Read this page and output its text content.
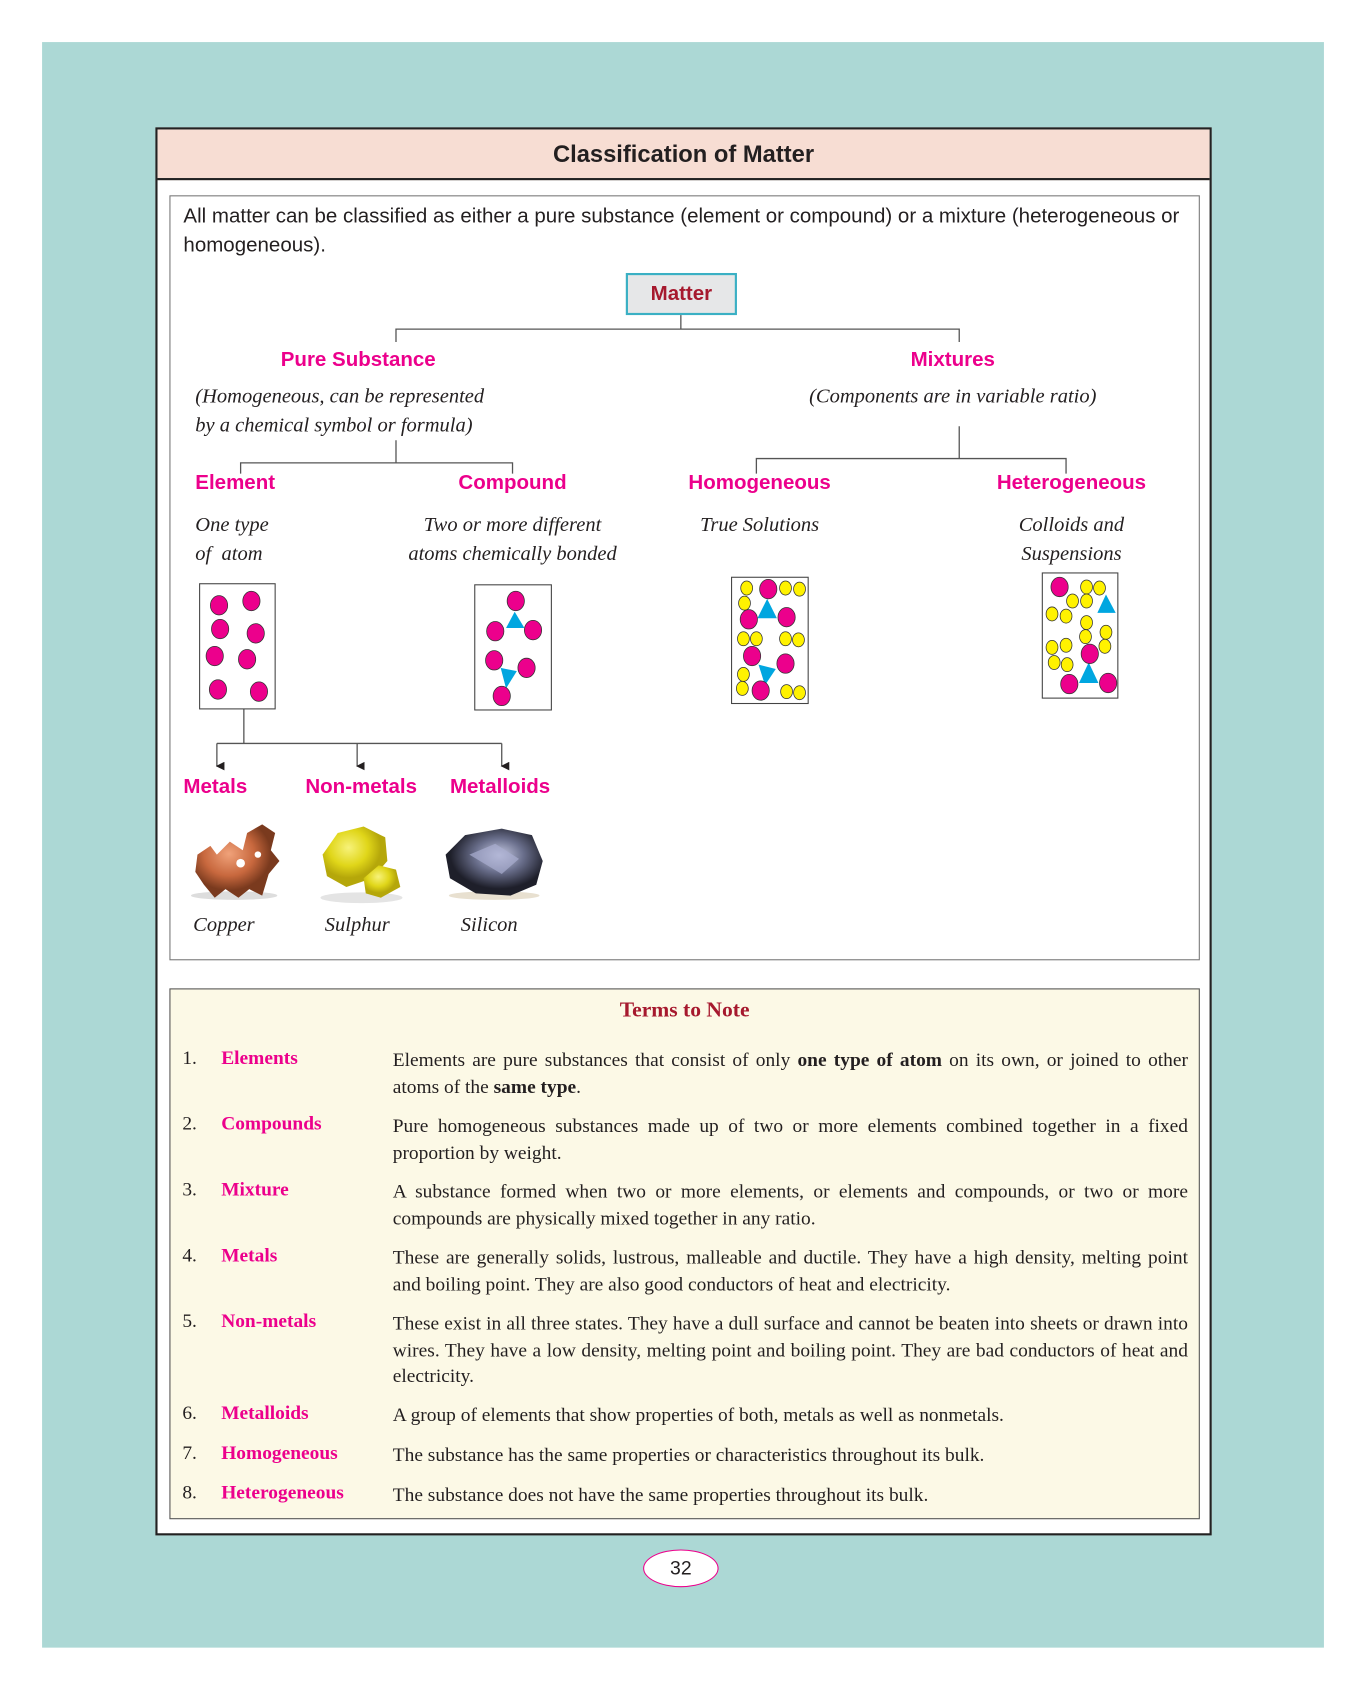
Classification of Matter
All matter can be classified as either a pure substance (element or compound) or a mixture (heterogeneous or homogeneous).
Matter
Pure Substance
(Homogeneous, can be represented
by a chemical symbol or formula)
Mixtures
(Components are in variable ratio)
Element
One type
of  atom
Compound
Two or more different
atoms chemically bonded
Homogeneous
True Solutions
Heterogeneous
Colloids and
Suspensions
Metals	Non-metals Metalloids
Copper	Sulphur	Silicon
Terms to Note
1. Elements	Elements are pure substances that consist of only one type of atom on its own, or joined to other atoms of the same type.
2. Compounds	Pure homogeneous substances made up of two or more elements combined together in a fixed proportion by weight.
3. Mixture	A substance formed when two or more elements, or elements and compounds, or two or more compounds are physically mixed together in any ratio.
4. Metals	These are generally solids, lustrous, malleable and ductile. They have a high density, melting point and boiling point. They are also good conductors of heat and electricity.
5. Non-metals	These exist in all three states. They have a dull surface and cannot be beaten into sheets or drawn into wires. They have a low density, melting point and boiling point. They are bad conductors of heat and electricity.
6. Metalloids	A group of elements that show properties of both, metals as well as nonmetals.
7. Homogeneous	The substance has the same properties or characteristics throughout its bulk.
8. Heterogeneous	The substance does not have the same properties throughout its bulk.
32
